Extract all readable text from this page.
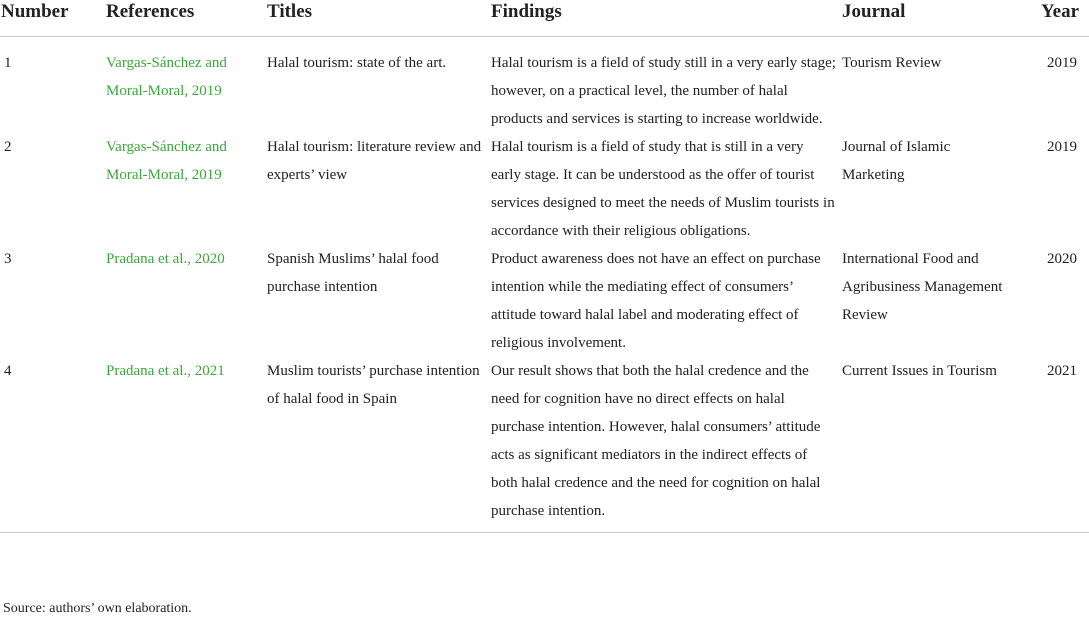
Number	References	Titles	Findings	Journal	Year
1	Vargas-Sánchez and Moral-Moral, 2019	Halal tourism: state of the art.	Halal tourism is a field of study still in a very early stage; however, on a practical level, the number of halal products and services is starting to increase worldwide.	Tourism Review	2019
2	Vargas-Sánchez and Moral-Moral, 2019	Halal tourism: literature review and experts’ view	Halal tourism is a field of study that is still in a very early stage. It can be understood as the offer of tourist services designed to meet the needs of Muslim tourists in accordance with their religious obligations.	Journal of Islamic Marketing	2019
3	Pradana et al., 2020	Spanish Muslims’ halal food purchase intention	Product awareness does not have an effect on purchase intention while the mediating effect of consumers’ attitude toward halal label and moderating effect of religious involvement.	International Food and Agribusiness Management Review	2020
4	Pradana et al., 2021	Muslim tourists’ purchase intention of halal food in Spain	Our result shows that both the halal credence and the need for cognition have no direct effects on halal purchase intention. However, halal consumers’ attitude acts as significant mediators in the indirect effects of both halal credence and the need for cognition on halal purchase intention.	Current Issues in Tourism	2021
Source: authors’ own elaboration.
